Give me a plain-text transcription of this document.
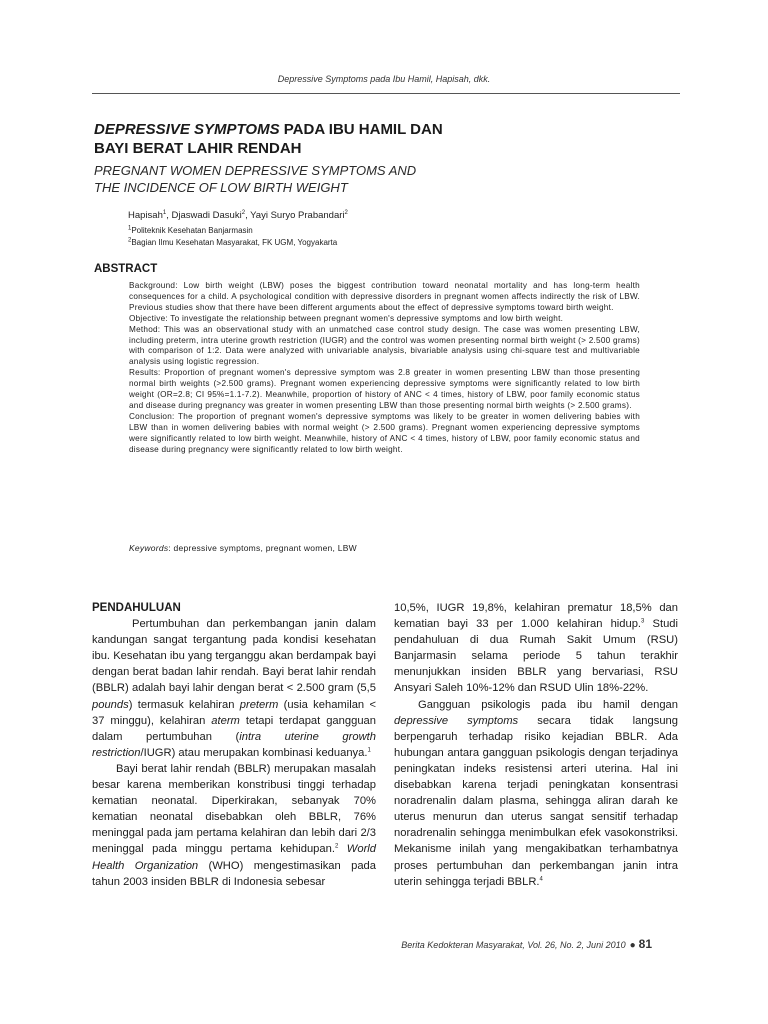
Depressive Symptoms pada Ibu Hamil, Hapisah, dkk.
DEPRESSIVE SYMPTOMS PADA IBU HAMIL DAN
BAYI BERAT LAHIR RENDAH
PREGNANT WOMEN DEPRESSIVE SYMPTOMS AND
THE INCIDENCE OF LOW BIRTH WEIGHT
Hapisah$^1$, Djaswadi Dasuki$^2$, Yayi Suryo Prabandari$^2$
$^1$Politeknik Kesehatan Banjarmasin
$^2$Bagian Ilmu Kesehatan Masyarakat, FK UGM, Yogyakarta
ABSTRACT

Background: Low birth weight (LBW) poses the biggest contribution toward neonatal mortality and has long-term health consequences for a child. A psychological condition with depressive disorders in pregnant women affects indirectly the risk of LBW. Previous studies show that there have been different arguments about the effect of depressive symptoms toward birth weight.

Objective: To investigate the relationship between pregnant women's depressive symptoms and low birth weight.

Method: This was an observational study with an unmatched case control study design. The case was women presenting LBW, including preterm, intra uterine growth restriction (IUGR) and the control was women presenting normal birth weight (> 2.500 grams) with comparison of 1:2. Data were analyzed with univariable analysis, bivariable analysis using chi-square test and multivariable analysis using logistic regression.

Results: Proportion of pregnant women's depressive symptom was 2.8 greater in women presenting LBW than those presenting normal birth weights (>2.500 grams). Pregnant women experiencing depressive symptoms were significantly related to low birth weight (OR=2.8; CI 95%=1.1-7.2). Meanwhile, proportion of history of ANC < 4 times, history of LBW, poor family economic status and disease during pregnancy was greater in women presenting LBW than those presenting normal birth weights (> 2.500 grams).

Conclusion: The proportion of pregnant women's depressive symptoms was likely to be greater in women delivering babies with LBW than in women delivering babies with normal weight (> 2.500 grams). Pregnant women experiencing depressive symptoms were significantly related to low birth weight. Meanwhile, history of ANC < 4 times, history of LBW, poor family economic status and disease during pregnancy were significantly related to low birth weight.

Keywords: depressive symptoms, pregnant women, LBW

PENDAHULUAN

Pertumbuhan dan perkembangan janin dalam kandungan sangat tergantung pada kondisi kesehatan ibu. Kesehatan ibu yang terganggu akan berdampak bayi dengan berat badan lahir rendah. Bayi berat lahir rendah (BBLR) adalah bayi lahir dengan berat < 2.500 gram (5,5 pounds) termasuk kelahiran preterm (usia kehamilan < 37 minggu), kelahiran aterm tetapi terdapat gangguan dalam pertumbuhan (intra uterine growth restriction/IUGR) atau merupakan kombinasi keduanya.$^1$

Bayi berat lahir rendah (BBLR) merupakan masalah besar karena memberikan konstribusi tinggi terhadap kematian neonatal. Diperkirakan, sebanyak 70% kematian neonatal disebabkan oleh BBLR, 76% meninggal pada jam pertama kelahiran dan lebih dari 2/3 meninggal pada minggu pertama kehidupan.$^2$ World Health Organization (WHO) mengestimasikan pada tahun 2003 insiden BBLR di Indonesia sebesar

10,5%, IUGR 19,8%, kelahiran prematur 18,5% dan kematian bayi 33 per 1.000 kelahiran hidup.$^3$ Studi pendahuluan di dua Rumah Sakit Umum (RSU) Banjarmasin selama periode 5 tahun terakhir menunjukkan insiden BBLR yang bervariasi, RSU Ansyari Saleh 10%-12% dan RSUD Ulin 18%-22%.

Gangguan psikologis pada ibu hamil dengan depressive symptoms secara tidak langsung berpengaruh terhadap risiko kejadian BBLR. Ada hubungan antara gangguan psikologis dengan terjadinya peningkatan indeks resistensi arteri uterina. Hal ini disebabkan karena terjadi peningkatan konsentrasi noradrenalin dalam plasma, sehingga aliran darah ke uterus menurun dan uterus sangat sensitif terhadap noradrenalin sehingga menimbulkan efek vasokonstriksi. Mekanisme inilah yang mengakibatkan terhambatnya proses pertumbuhan dan perkembangan janin intra uterin sehingga terjadi BBLR.$^4$

Berita Kedokteran Masyarakat, Vol. 26, No. 2, Juni 2010 ● 81
